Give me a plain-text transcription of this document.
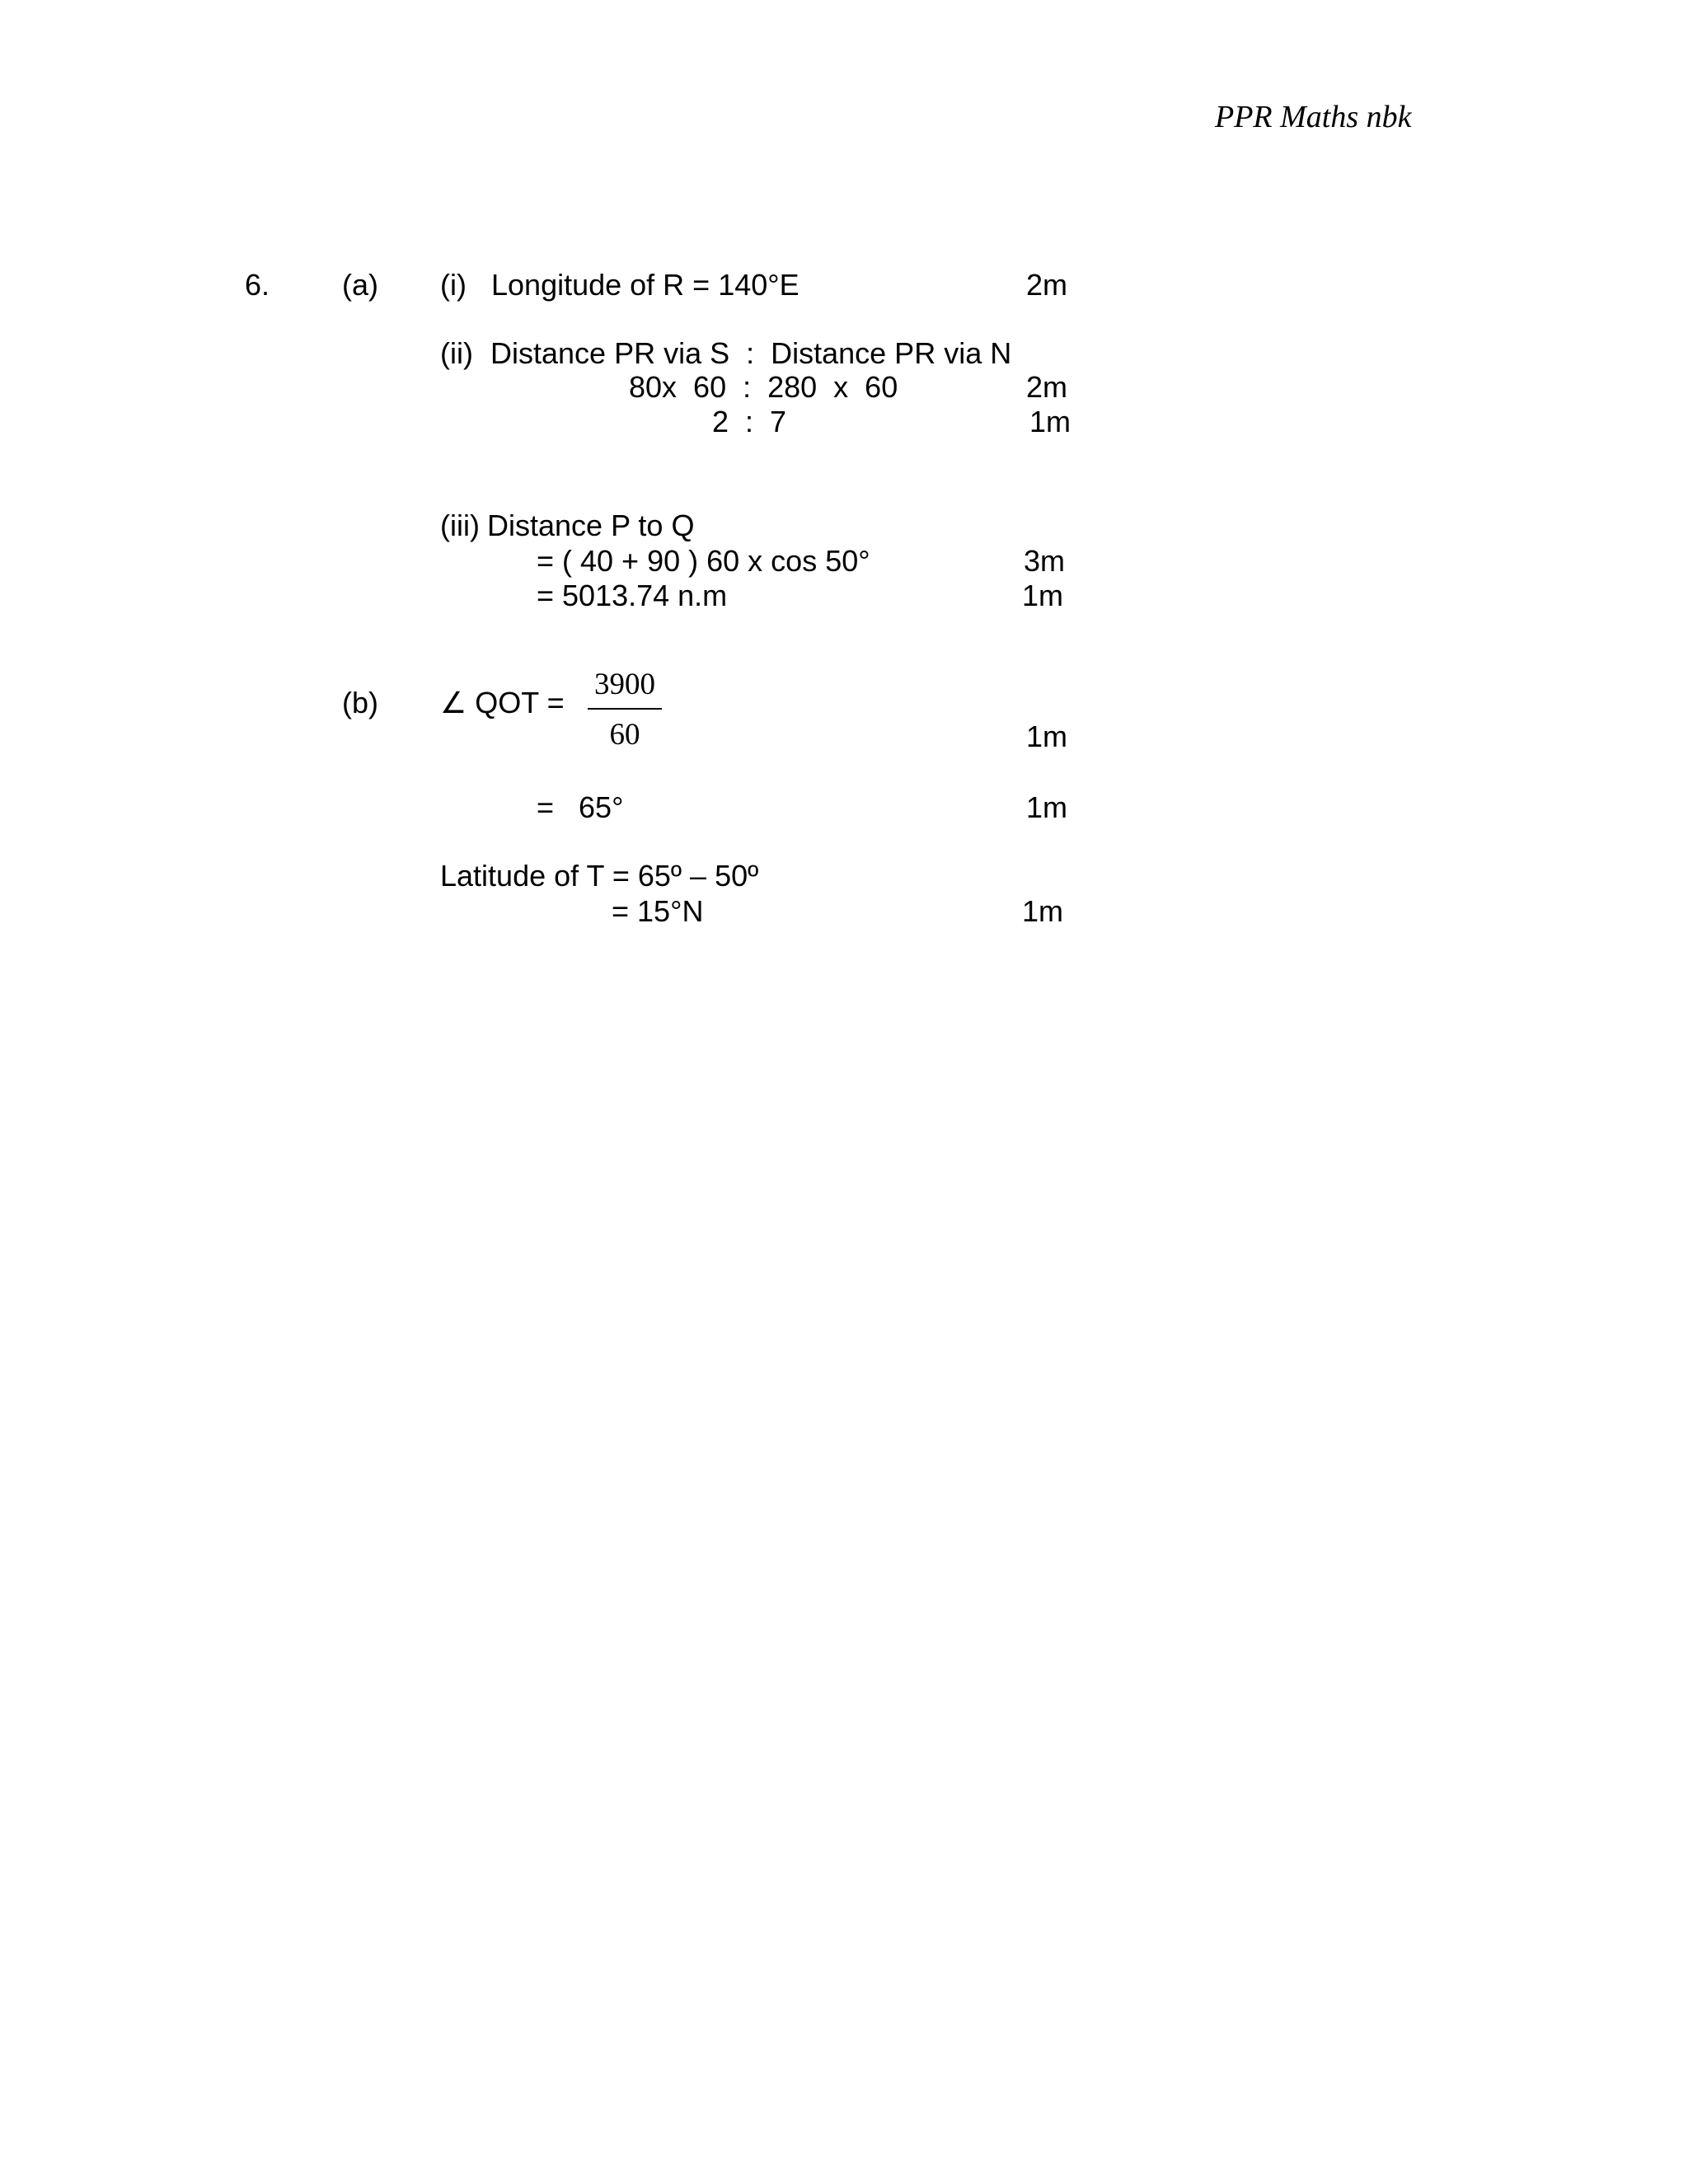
PPR Maths nbk
6. (a) (i) Longitude of R = 140°E	2m
(ii) Distance PR via S  :  Distance PR via N
80x  60  :  280  x  60	2m
2  :  7	1m
(iii) Distance P to Q
= ( 40 + 90 ) 60 x cos 50°	3m
= 5013.74 n.m	1m
(b) ∠ QOT = $\frac{3900}{60}$	1m
=   65°	1m
Latitude of T = 65º – 50º
= 15°N	1m
